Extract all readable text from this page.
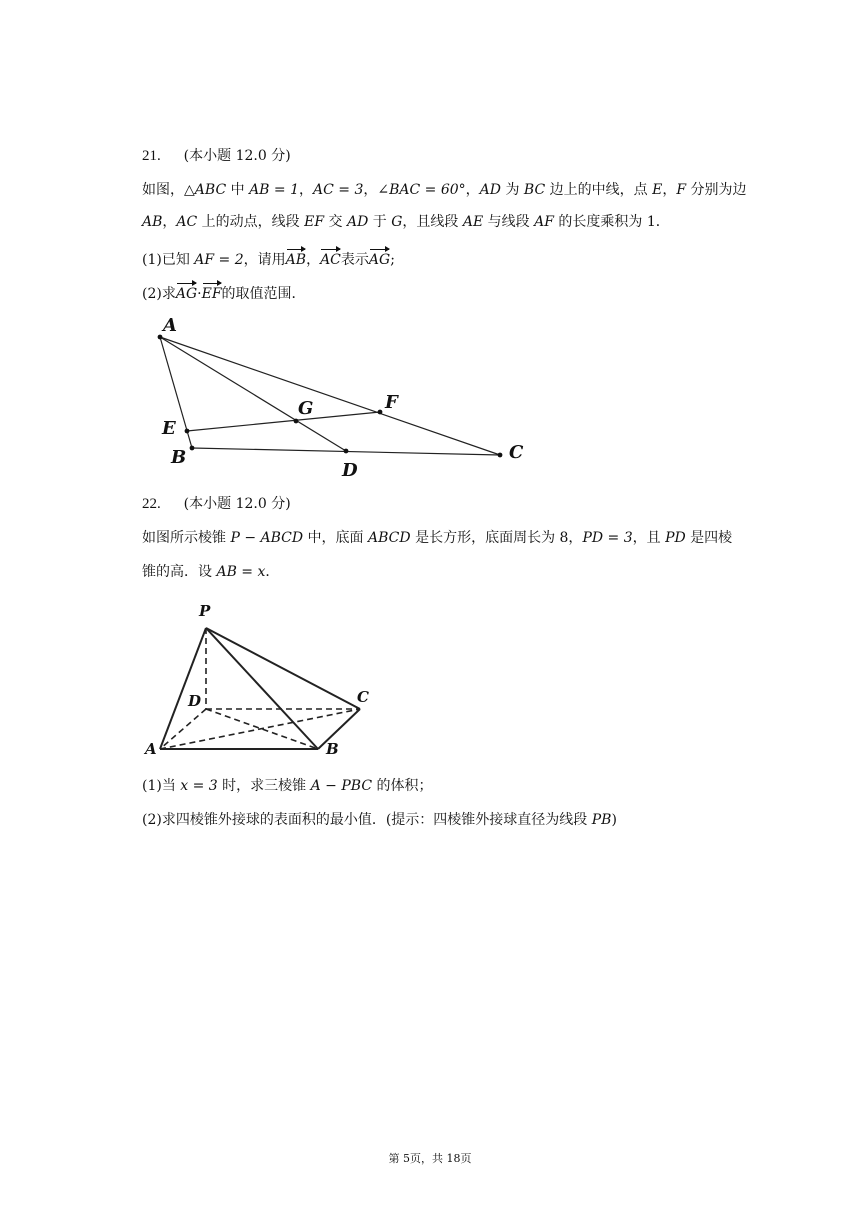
21. (本小题 12.0 分)
如图，△ABC 中 AB = 1，AC = 3，∠BAC = 60°，AD 为 BC 边上的中线，点 E，F 分别为边
AB，AC 上的动点，线段 EF 交 AD 于 G，且线段 AE 与线段 AF 的长度乘积为 1．
(1)已知 AF = 2，请用AB，AC表示AG;
(2)求AG·EF的取值范围．
A
B	C
D
E
F
G
22. (本小题 12.0 分)
如图所示棱锥 P − ABCD 中，底面 ABCD 是长方形，底面周长为 8，PD = 3，且 PD 是四棱
锥的高．设 AB = x．
P
D	C
A	B
(1)当 x = 3 时，求三棱锥 A − PBC 的体积；
(2)求四棱锥外接球的表面积的最小值．(提示：四棱锥外接球直径为线段 PB)
第 5页，共 18页
